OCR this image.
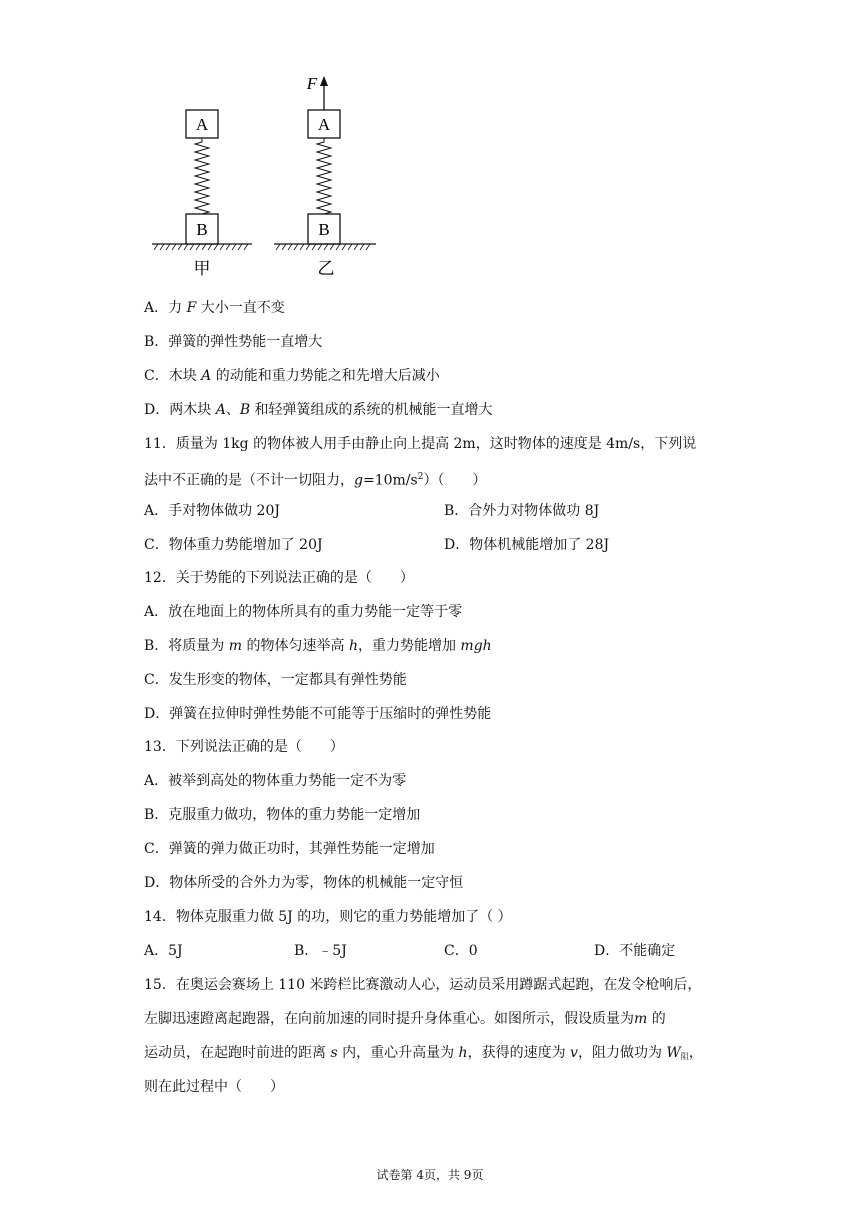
A
B
甲
F
A
B
乙
A．力 F 大小一直不变
B．弹簧的弹性势能一直增大
C．木块 A 的动能和重力势能之和先增大后减小
D．两木块 A、B 和轻弹簧组成的系统的机械能一直增大
11．质量为 1kg 的物体被人用手由静止向上提高 2m，这时物体的速度是 4m/s，下列说
法中不正确的是（不计一切阻力，$g=10m/s^2$）（　　）
A．手对物体做功 20J	B．合外力对物体做功 8J
C．物体重力势能增加了 20J	D．物体机械能增加了 28J
12．关于势能的下列说法正确的是（　　）
A．放在地面上的物体所具有的重力势能一定等于零
B．将质量为 m 的物体匀速举高 h，重力势能增加 mgh
C．发生形变的物体，一定都具有弹性势能
D．弹簧在拉伸时弹性势能不可能等于压缩时的弹性势能
13．下列说法正确的是（　　）
A．被举到高处的物体重力势能一定不为零
B．克服重力做功，物体的重力势能一定增加
C．弹簧的弹力做正功时，其弹性势能一定增加
D．物体所受的合外力为零，物体的机械能一定守恒
14．物体克服重力做 5J 的功，则它的重力势能增加了（ ）
A．5J	B．﹣5J	C．0	D．不能确定
15．在奥运会赛场上 110 米跨栏比赛激动人心，运动员采用蹲踞式起跑，在发令枪响后，
左脚迅速蹬离起跑器，在向前加速的同时提升身体重心。如图所示，假设质量为m 的
运动员，在起跑时前进的距离 s 内，重心升高量为 h，获得的速度为 v，阻力做功为 $W_阻$，
则在此过程中（　　）
试卷第 4页，共 9页
